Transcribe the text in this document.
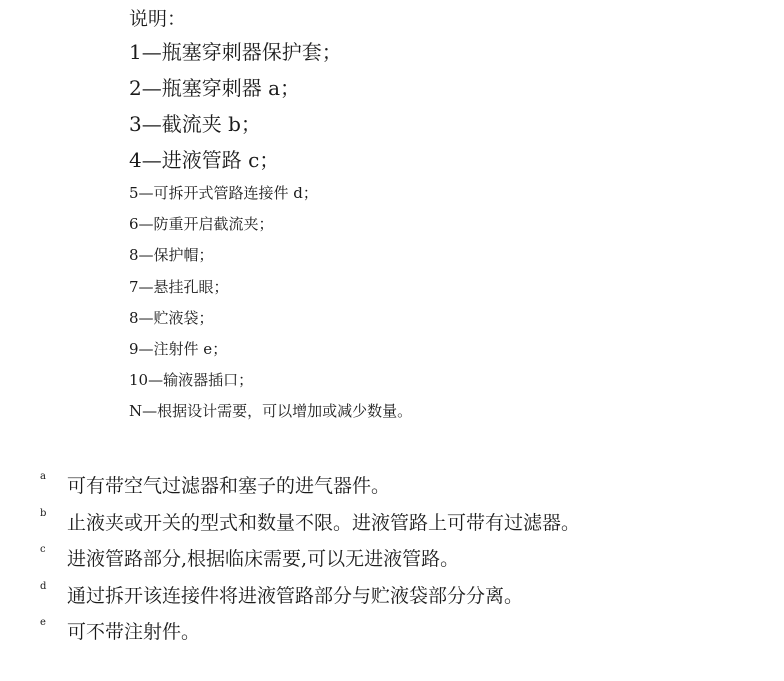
说明：
1—瓶塞穿刺器保护套；
2—瓶塞穿刺器 a；
3—截流夹 b；
4—进液管路 c；
5—可拆开式管路连接件 d；
6—防重开启截流夹；
8—保护帽；
7—悬挂孔眼；
8—贮液袋；
9—注射件 e；
10—输液器插口；
N—根据设计需要，可以增加或减少数量。
a 可有带空气过滤器和塞子的进气器件。
b 止液夹或开关的型式和数量不限。进液管路上可带有过滤器。
c 进液管路部分,根据临床需要,可以无进液管路。
d 通过拆开该连接件将进液管路部分与贮液袋部分分离。
e 可不带注射件。
